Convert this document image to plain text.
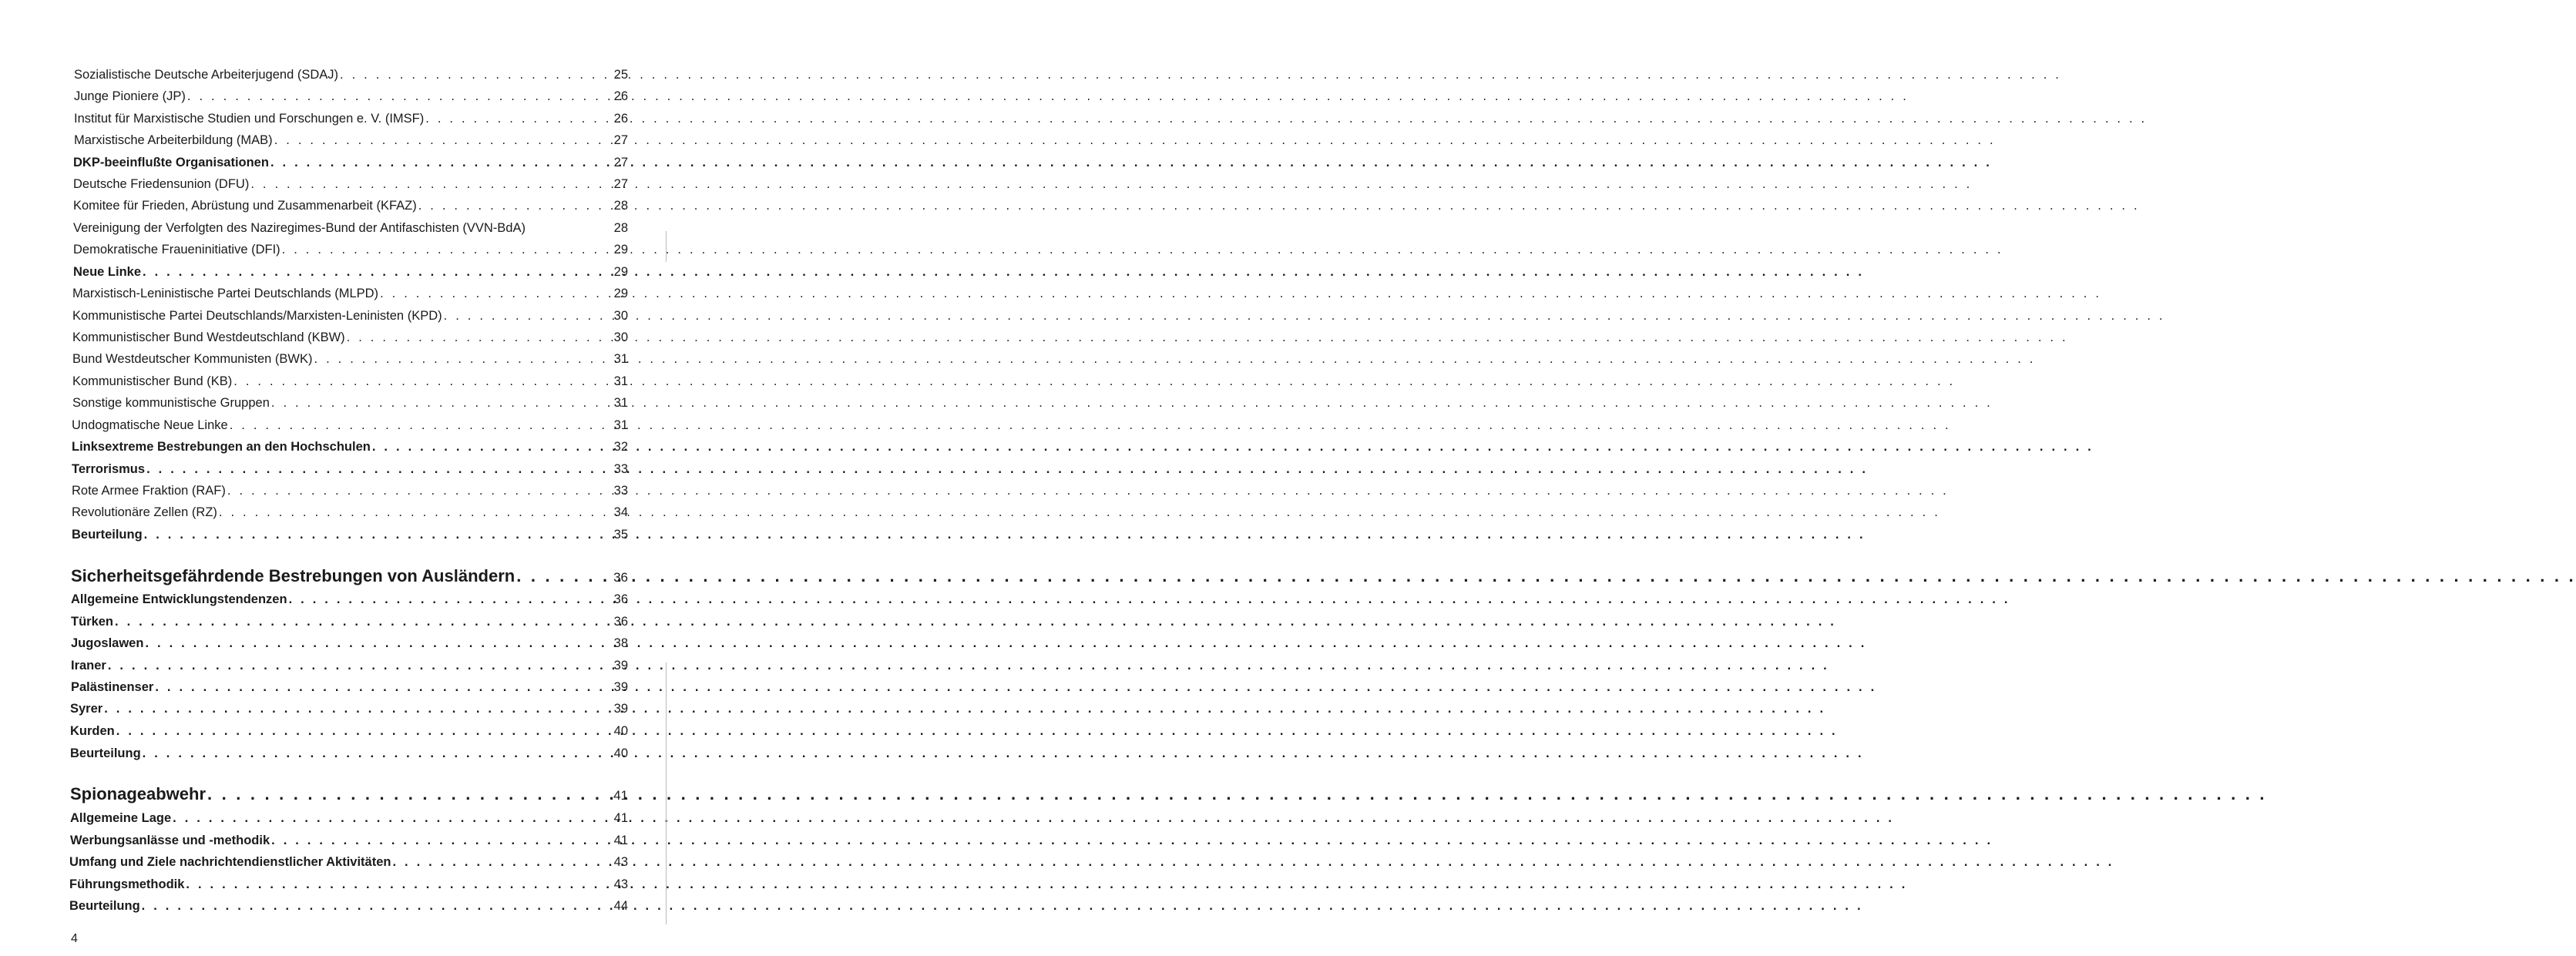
Sozialistische Deutsche Arbeiterjugend (SDAJ) . . .	25
Junge Pioniere (JP) . . .	26
Institut für Marxistische Studien und Forschungen e. V. (IMSF) . . .	26
Marxistische Arbeiterbildung (MAB) . . .	27
DKP-beeinflußte Organisationen . . .	27
Deutsche Friedensunion (DFU) . . .	27
Komitee für Frieden, Abrüstung und Zusammenarbeit (KFAZ) . . .	28
Vereinigung der Verfolgten des Naziregimes-Bund der Antifaschisten (VVN-BdA)	28
Demokratische Fraueninitiative (DFI) . . .	29
Neue Linke . . .	29
Marxistisch-Leninistische Partei Deutschlands (MLPD) . . .	29
Kommunistische Partei Deutschlands/Marxisten-Leninisten (KPD) . . .	30
Kommunistischer Bund Westdeutschland (KBW) . . .	30
Bund Westdeutscher Kommunisten (BWK) . . .	31
Kommunistischer Bund (KB) . . .	31
Sonstige kommunistische Gruppen . . .	31
Undogmatische Neue Linke . . .	31
Linksextreme Bestrebungen an den Hochschulen . . .	32
Terrorismus . . .	33
Rote Armee Fraktion (RAF) . . .	33
Revolutionäre Zellen (RZ) . . .	34
Beurteilung . . .	35
Sicherheitsgefährdende Bestrebungen von Ausländern . . .	36
Allgemeine Entwicklungstendenzen . . .	36
Türken . . .	36
Jugoslawen . . .	38
Iraner . . .	39
Palästinenser . . .	39
Syrer . . .	39
Kurden . . .	40
Beurteilung . . .	40
Spionageabwehr . . .	41
Allgemeine Lage . . .	41
Werbungsanlässe und -methodik . . .	41
Umfang und Ziele nachrichtendienstlicher Aktivitäten . . .	43
Führungsmethodik . . .	43
Beurteilung . . .	44
4
